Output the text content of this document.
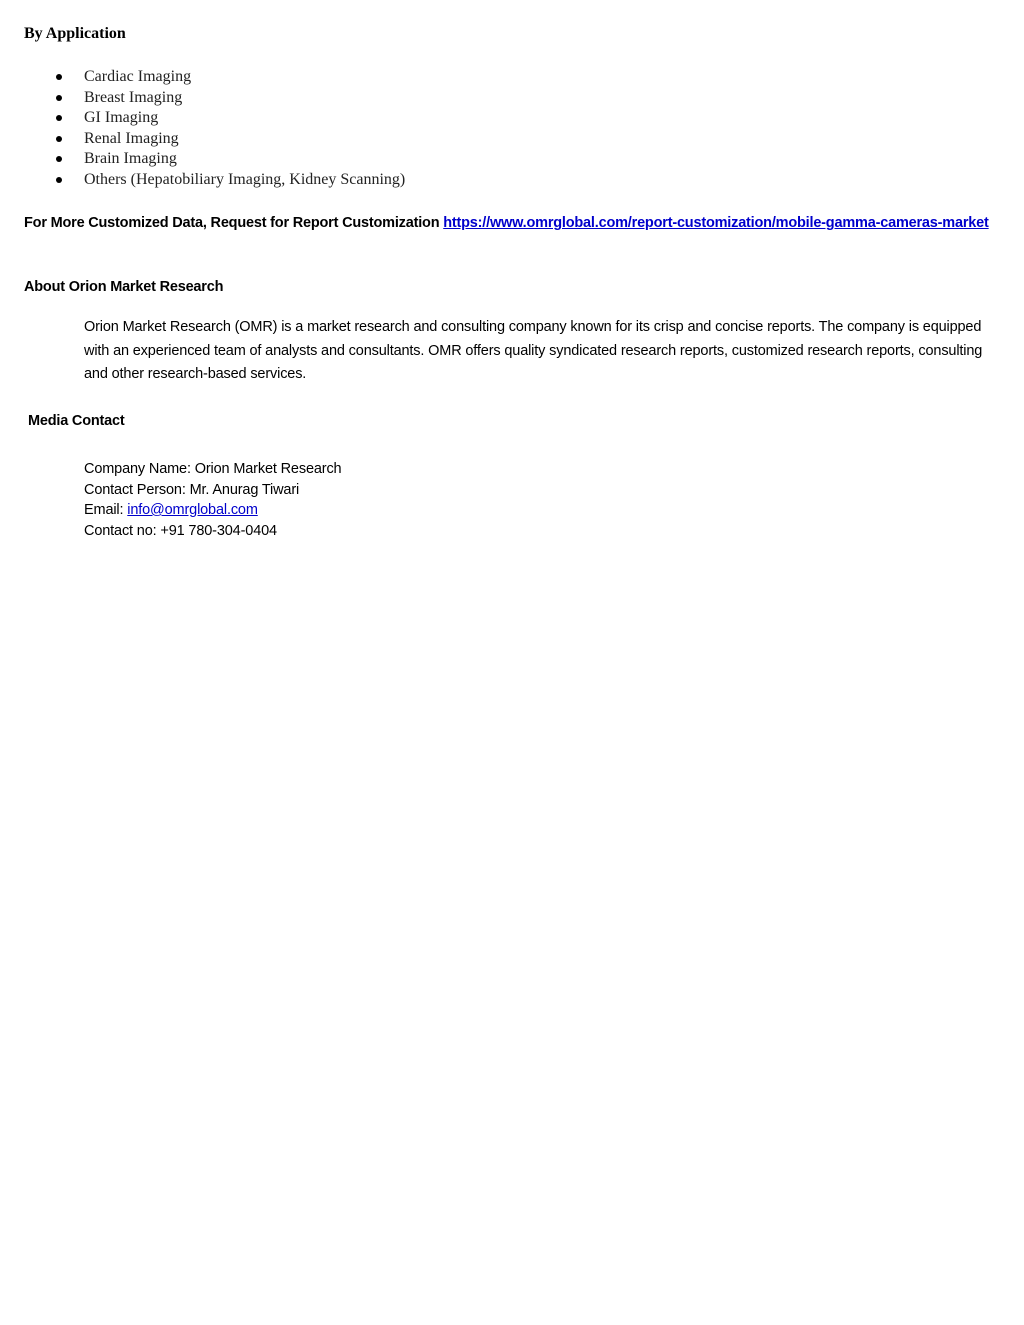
By Application
Cardiac Imaging
Breast Imaging
GI Imaging
Renal Imaging
Brain Imaging
Others (Hepatobiliary Imaging, Kidney Scanning)

For More Customized Data, Request for Report Customization https://www.omrglobal.com/report-customization/mobile-gamma-cameras-market

About Orion Market Research

Orion Market Research (OMR) is a market research and consulting company known for its crisp and concise reports. The company is equipped with an experienced team of analysts and consultants. OMR offers quality syndicated research reports, customized research reports, consulting and other research-based services.

Media Contact
Company Name: Orion Market Research
Contact Person: Mr. Anurag Tiwari
Email: info@omrglobal.com
Contact no: +91 780-304-0404
